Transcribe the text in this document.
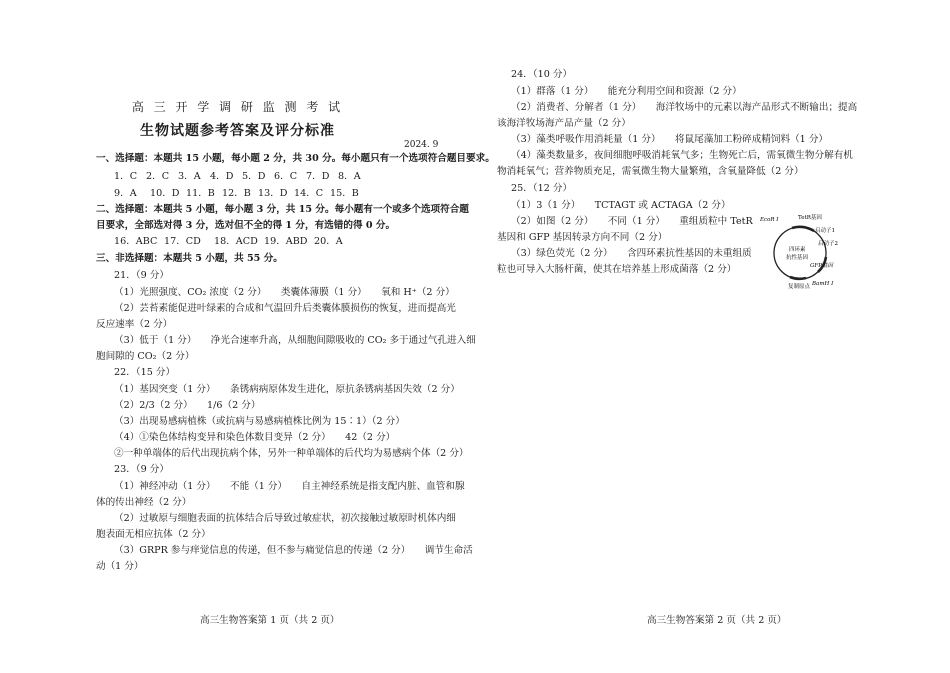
高 三 开 学 调 研 监 测 考 试
生物试题参考答案及评分标准
2024. 9
一、选择题：本题共 15 小题，每小题 2 分，共 30 分。每小题只有一个选项符合题目要求。
1．C 2．C 3．A 4．D 5．D 6．C 7．D 8．A
9．A 10．D 11．B 12．B 13．D 14．C 15．B
二、选择题：本题共 5 小题，每小题 3 分，共 15 分。每小题有一个或多个选项符合题
目要求，全部选对得 3 分，选对但不全的得 1 分，有选错的得 0 分。
16．ABC 17．CD 18．ACD 19．ABD 20．A
三、非选择题：本题共 5 小题，共 55 分。
21．（9 分）
（1）光照强度、CO₂ 浓度（2 分）　　类囊体薄膜（1 分）　　氧和 H⁺（2 分）
（2）芸苔素能促进叶绿素的合成和气温回升后类囊体膜损伤的恢复，进而提高光
反应速率（2 分）
（3）低于（1 分）　　净光合速率升高，从细胞间隙吸收的 CO₂ 多于通过气孔进入细
胞间隙的 CO₂（2 分）
22．（15 分）
（1）基因突变（1 分）　　条锈病病原体发生进化，原抗条锈病基因失效（2 分）
（2）2/3（2 分）　　1/6（2 分）
（3）出现易感病植株（或抗病与易感病植株比例为 15∶1）（2 分）
（4）①染色体结构变异和染色体数目变异（2 分）　　42（2 分）
②一种单端体的后代出现抗病个体，另外一种单端体的后代均为易感病个体（2 分）
23．（9 分）
（1）神经冲动（1 分）　　不能（1 分）　　自主神经系统是指支配内脏、血管和腺
体的传出神经（2 分）
（2）过敏原与细胞表面的抗体结合后导致过敏症状，初次接触过敏原时机体内细
胞表面无相应抗体（2 分）
（3）GRPR 参与痒觉信息的传递，但不参与痛觉信息的传递（2 分）　　调节生命活
动（1 分）
高三生物答案第 1 页（共 2 页）
24．（10 分）
（1）群落（1 分）　　能充分利用空间和资源（2 分）
（2）消费者、分解者（1 分）　　海洋牧场中的元素以海产品形式不断输出；提高
该海洋牧场海产品产量（2 分）
（3）藻类呼吸作用消耗量（1 分）　　将鼠尾藻加工粉碎成精饲料（1 分）
（4）藻类数量多，夜间细胞呼吸消耗氧气多；生物死亡后，需氧微生物分解有机
物消耗氧气；营养物质充足，需氧微生物大量繁殖，含氧量降低（2 分）
25．（12 分）
（1）3（1 分）　　TCTAGT 或 ACTAGA（2 分）
（2）如图（2 分）　　不同（1 分）　　重组质粒中 TetR
基因和 GFP 基因转录方向不同（2 分）
（3）绿色荧光（2 分）　　含四环素抗性基因的未重组质
粒也可导入大肠杆菌，使其在培养基上形成菌落（2 分）
EcoR Ⅰ	TetR基因
启动子1
启动子2
四环素
抗性基因
GFP基因
复制原点 BamH Ⅰ
高三生物答案第 2 页（共 2 页）
